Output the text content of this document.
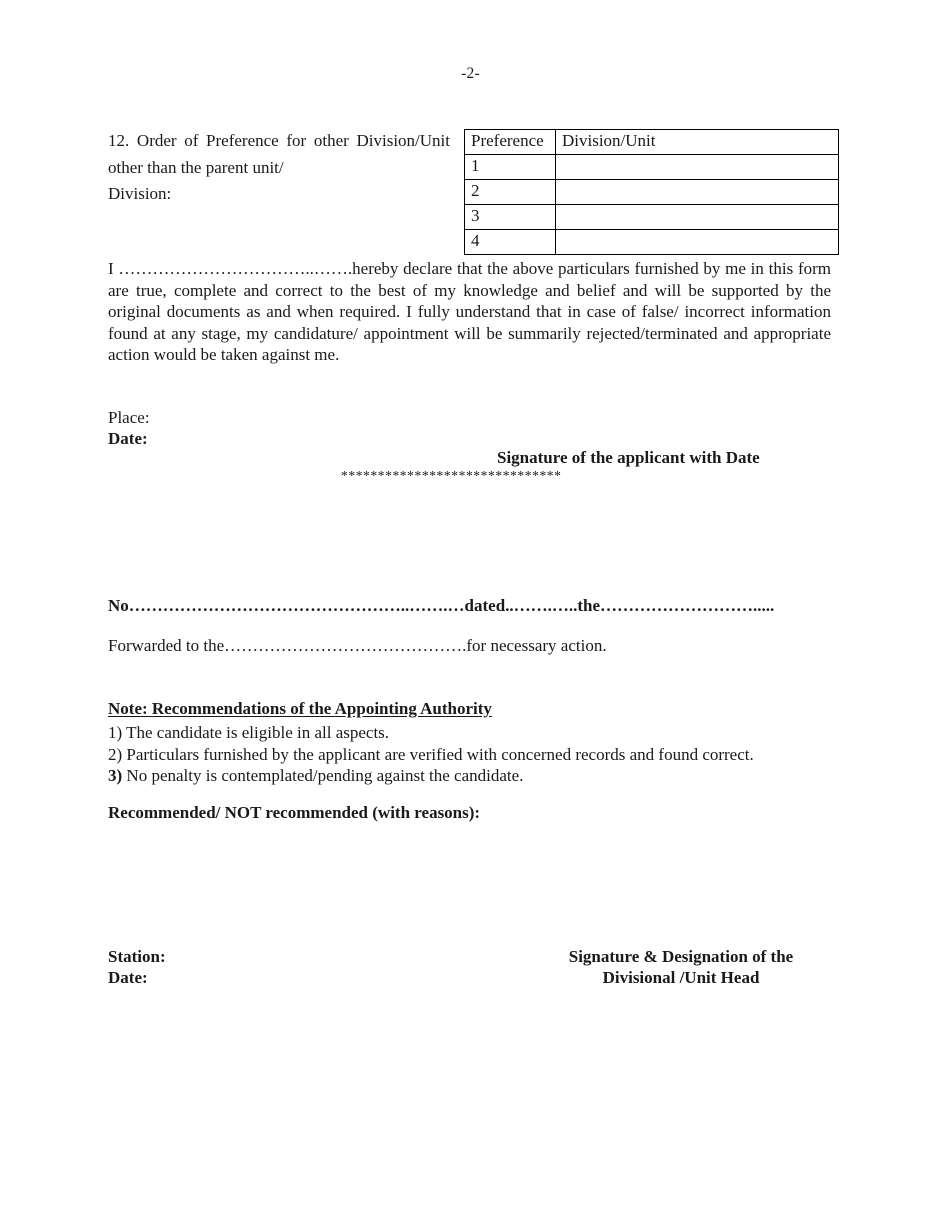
-2-
12. Order of Preference for other Division/Unit other than the parent unit/
Division:
Preference	Division/Unit
1	
2	
3	
4	
I ……………………………..…….hereby declare that the above particulars furnished by me in this form are true, complete and correct to the best of my knowledge and belief and will be supported by the original documents as and when required. I fully understand that in case of false/ incorrect information found at any stage, my candidature/ appointment will be summarily rejected/terminated and appropriate action would be taken against me.
Place:
Date:
Signature of the applicant with Date
******************************
No…………………………………………..…….…dated..…….…..the……………………….....
Forwarded to the…………………………………….for necessary action.
Note: Recommendations of the Appointing Authority
1) The candidate is eligible in all aspects.
2) Particulars furnished by the applicant are verified with concerned records and found correct.
3) No penalty is contemplated/pending against the candidate.
Recommended/ NOT recommended (with reasons):
Station:
Date:
Signature & Designation of the
Divisional /Unit Head
